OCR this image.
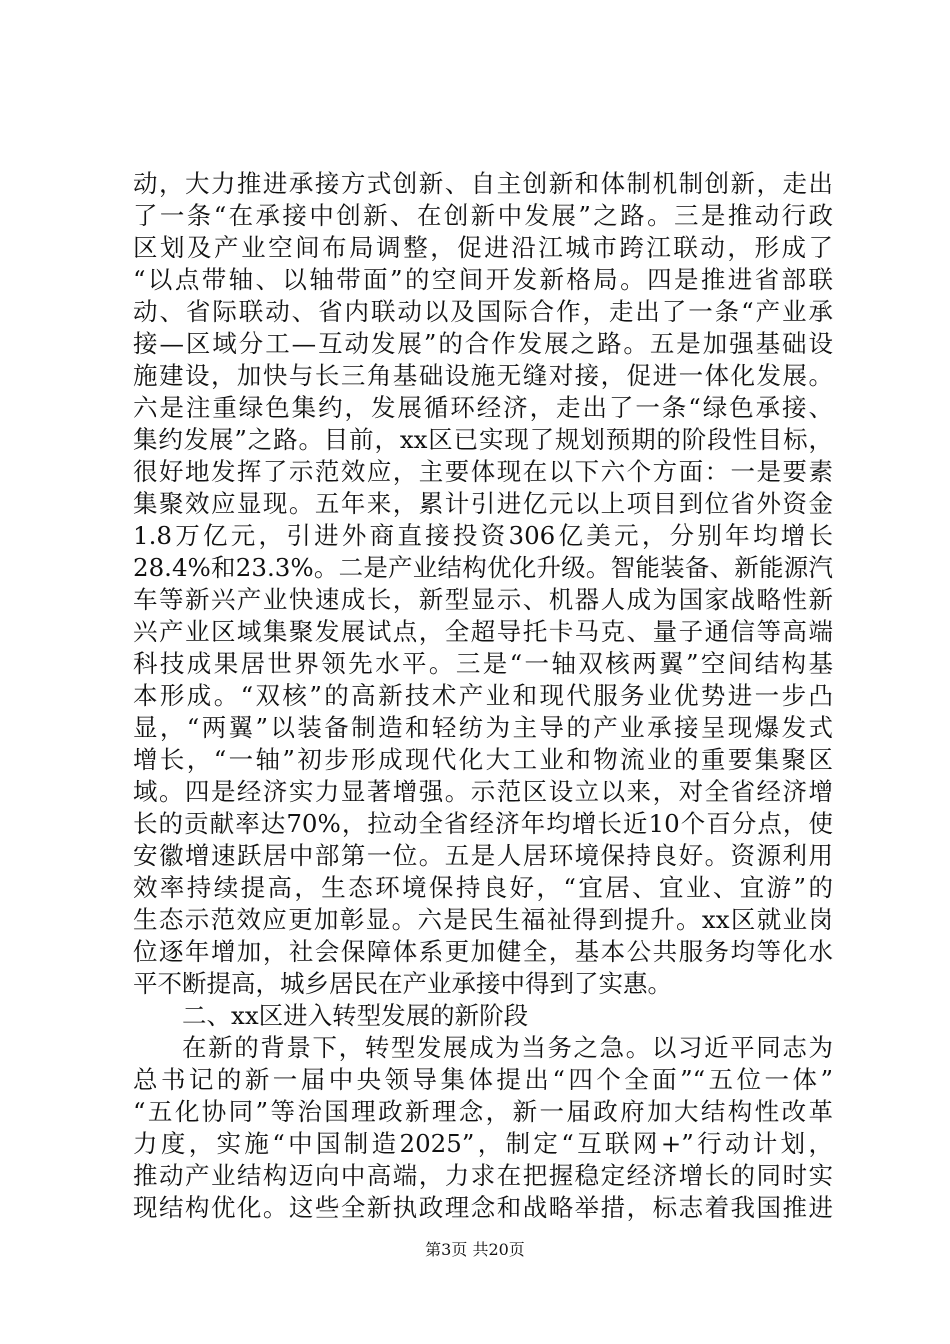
动，大力推进承接方式创新、自主创新和体制机制创新，走出
了一条“在承接中创新、在创新中发展”之路。三是推动行政
区划及产业空间布局调整，促进沿江城市跨江联动，形成了
“以点带轴、以轴带面”的空间开发新格局。四是推进省部联
动、省际联动、省内联动以及国际合作，走出了一条“产业承
接—区域分工—互动发展”的合作发展之路。五是加强基础设
施建设，加快与长三角基础设施无缝对接，促进一体化发展。
六是注重绿色集约，发展循环经济，走出了一条“绿色承接、
集约发展”之路。目前，xx区已实现了规划预期的阶段性目标，
很好地发挥了示范效应，主要体现在以下六个方面：一是要素
集聚效应显现。五年来，累计引进亿元以上项目到位省外资金
1.8万亿元，引进外商直接投资306亿美元，分别年均增长
28.4%和23.3%。二是产业结构优化升级。智能装备、新能源汽
车等新兴产业快速成长，新型显示、机器人成为国家战略性新
兴产业区域集聚发展试点，全超导托卡马克、量子通信等高端
科技成果居世界领先水平。三是“一轴双核两翼”空间结构基
本形成。“双核”的高新技术产业和现代服务业优势进一步凸
显，“两翼”以装备制造和轻纺为主导的产业承接呈现爆发式
增长，“一轴”初步形成现代化大工业和物流业的重要集聚区
域。四是经济实力显著增强。示范区设立以来，对全省经济增
长的贡献率达70%，拉动全省经济年均增长近10个百分点，使
安徽增速跃居中部第一位。五是人居环境保持良好。资源利用
效率持续提高，生态环境保持良好，“宜居、宜业、宜游”的
生态示范效应更加彰显。六是民生福祉得到提升。xx区就业岗
位逐年增加，社会保障体系更加健全，基本公共服务均等化水
平不断提高，城乡居民在产业承接中得到了实惠。
二、xx区进入转型发展的新阶段
在新的背景下，转型发展成为当务之急。以习近平同志为
总书记的新一届中央领导集体提出“四个全面”“五位一体”
“五化协同”等治国理政新理念，新一届政府加大结构性改革
力度，实施“中国制造2025”，制定“互联网+”行动计划，
推动产业结构迈向中高端，力求在把握稳定经济增长的同时实
现结构优化。这些全新执政理念和战略举措，标志着我国推进
第3页 共20页
